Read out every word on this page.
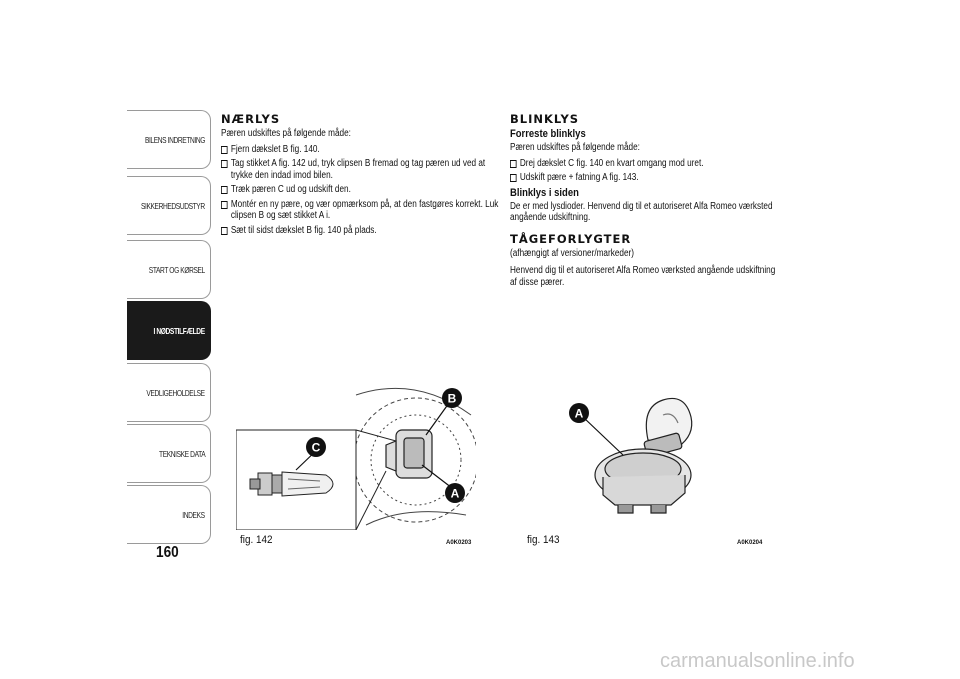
BILENS INDRETNING
SIKKERHEDSUDSTYR
START OG KØRSEL
I NØDSTILFÆLDE
VEDLIGEHOLDELSE
TEKNISKE DATA
INDEKS
160
NÆRLYS
Pæren udskiftes på følgende måde:
Fjern dækslet B fig. 140.
Tag stikket A fig. 142 ud, tryk clipsen B fremad og tag pæren ud ved at trykke den indad imod bilen.
Træk pæren C ud og udskift den.
Montér en ny pære, og vær opmærksom på, at den fastgøres korrekt. Luk clipsen B og sæt stikket A i.
Sæt til sidst dækslet B fig. 140 på plads.
BLINKLYS
Forreste blinklys
Pæren udskiftes på følgende måde:
Drej dækslet C fig. 140 en kvart omgang mod uret.
Udskift pære + fatning A fig. 143.
Blinklys i siden
De er med lysdioder. Henvend dig til et autoriseret Alfa Romeo værksted angående udskiftning.
TÅGEFORLYGTER
(afhængigt af versioner/markeder)
Henvend dig til et autoriseret Alfa Romeo værksted angående udskiftning af disse pærer.
B
C
A
fig. 142	A0K0203
A
fig. 143	A0K0204
carmanualsonline.info
